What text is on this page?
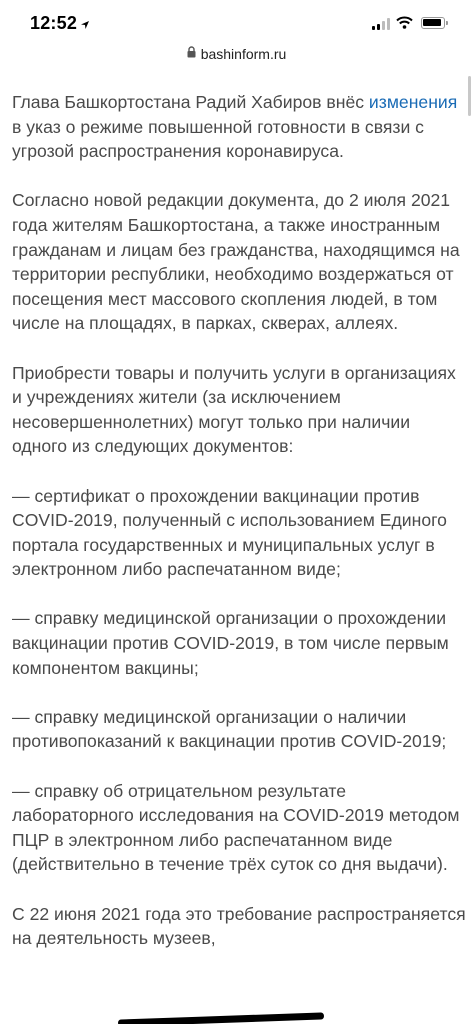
12:52
bashinform.ru

Глава Башкортостана Радий Хабиров внёс изменения в указ о режиме повышенной готовности в связи с угрозой распространения коронавируса.

Согласно новой редакции документа, до 2 июля 2021 года жителям Башкортостана, а также иностранным гражданам и лицам без гражданства, находящимся на территории республики, необходимо воздержаться от посещения мест массового скопления людей, в том числе на площадях, в парках, скверах, аллеях.

Приобрести товары и получить услуги в организациях и учреждениях жители (за исключением несовершеннолетних) могут только при наличии одного из следующих документов:

— сертификат о прохождении вакцинации против COVID-2019, полученный с использованием Единого портала государственных и муниципальных услуг в электронном либо распечатанном виде;

— справку медицинской организации о прохождении вакцинации против COVID-2019, в том числе первым компонентом вакцины;

— справку медицинской организации о наличии противопоказаний к вакцинации против COVID-2019;

— справку об отрицательном результате лабораторного исследования на COVID-2019 методом ПЦР в электронном либо распечатанном виде (действительно в течение трёх суток со дня выдачи).

С 22 июня 2021 года это требование распространяется на деятельность музеев,
